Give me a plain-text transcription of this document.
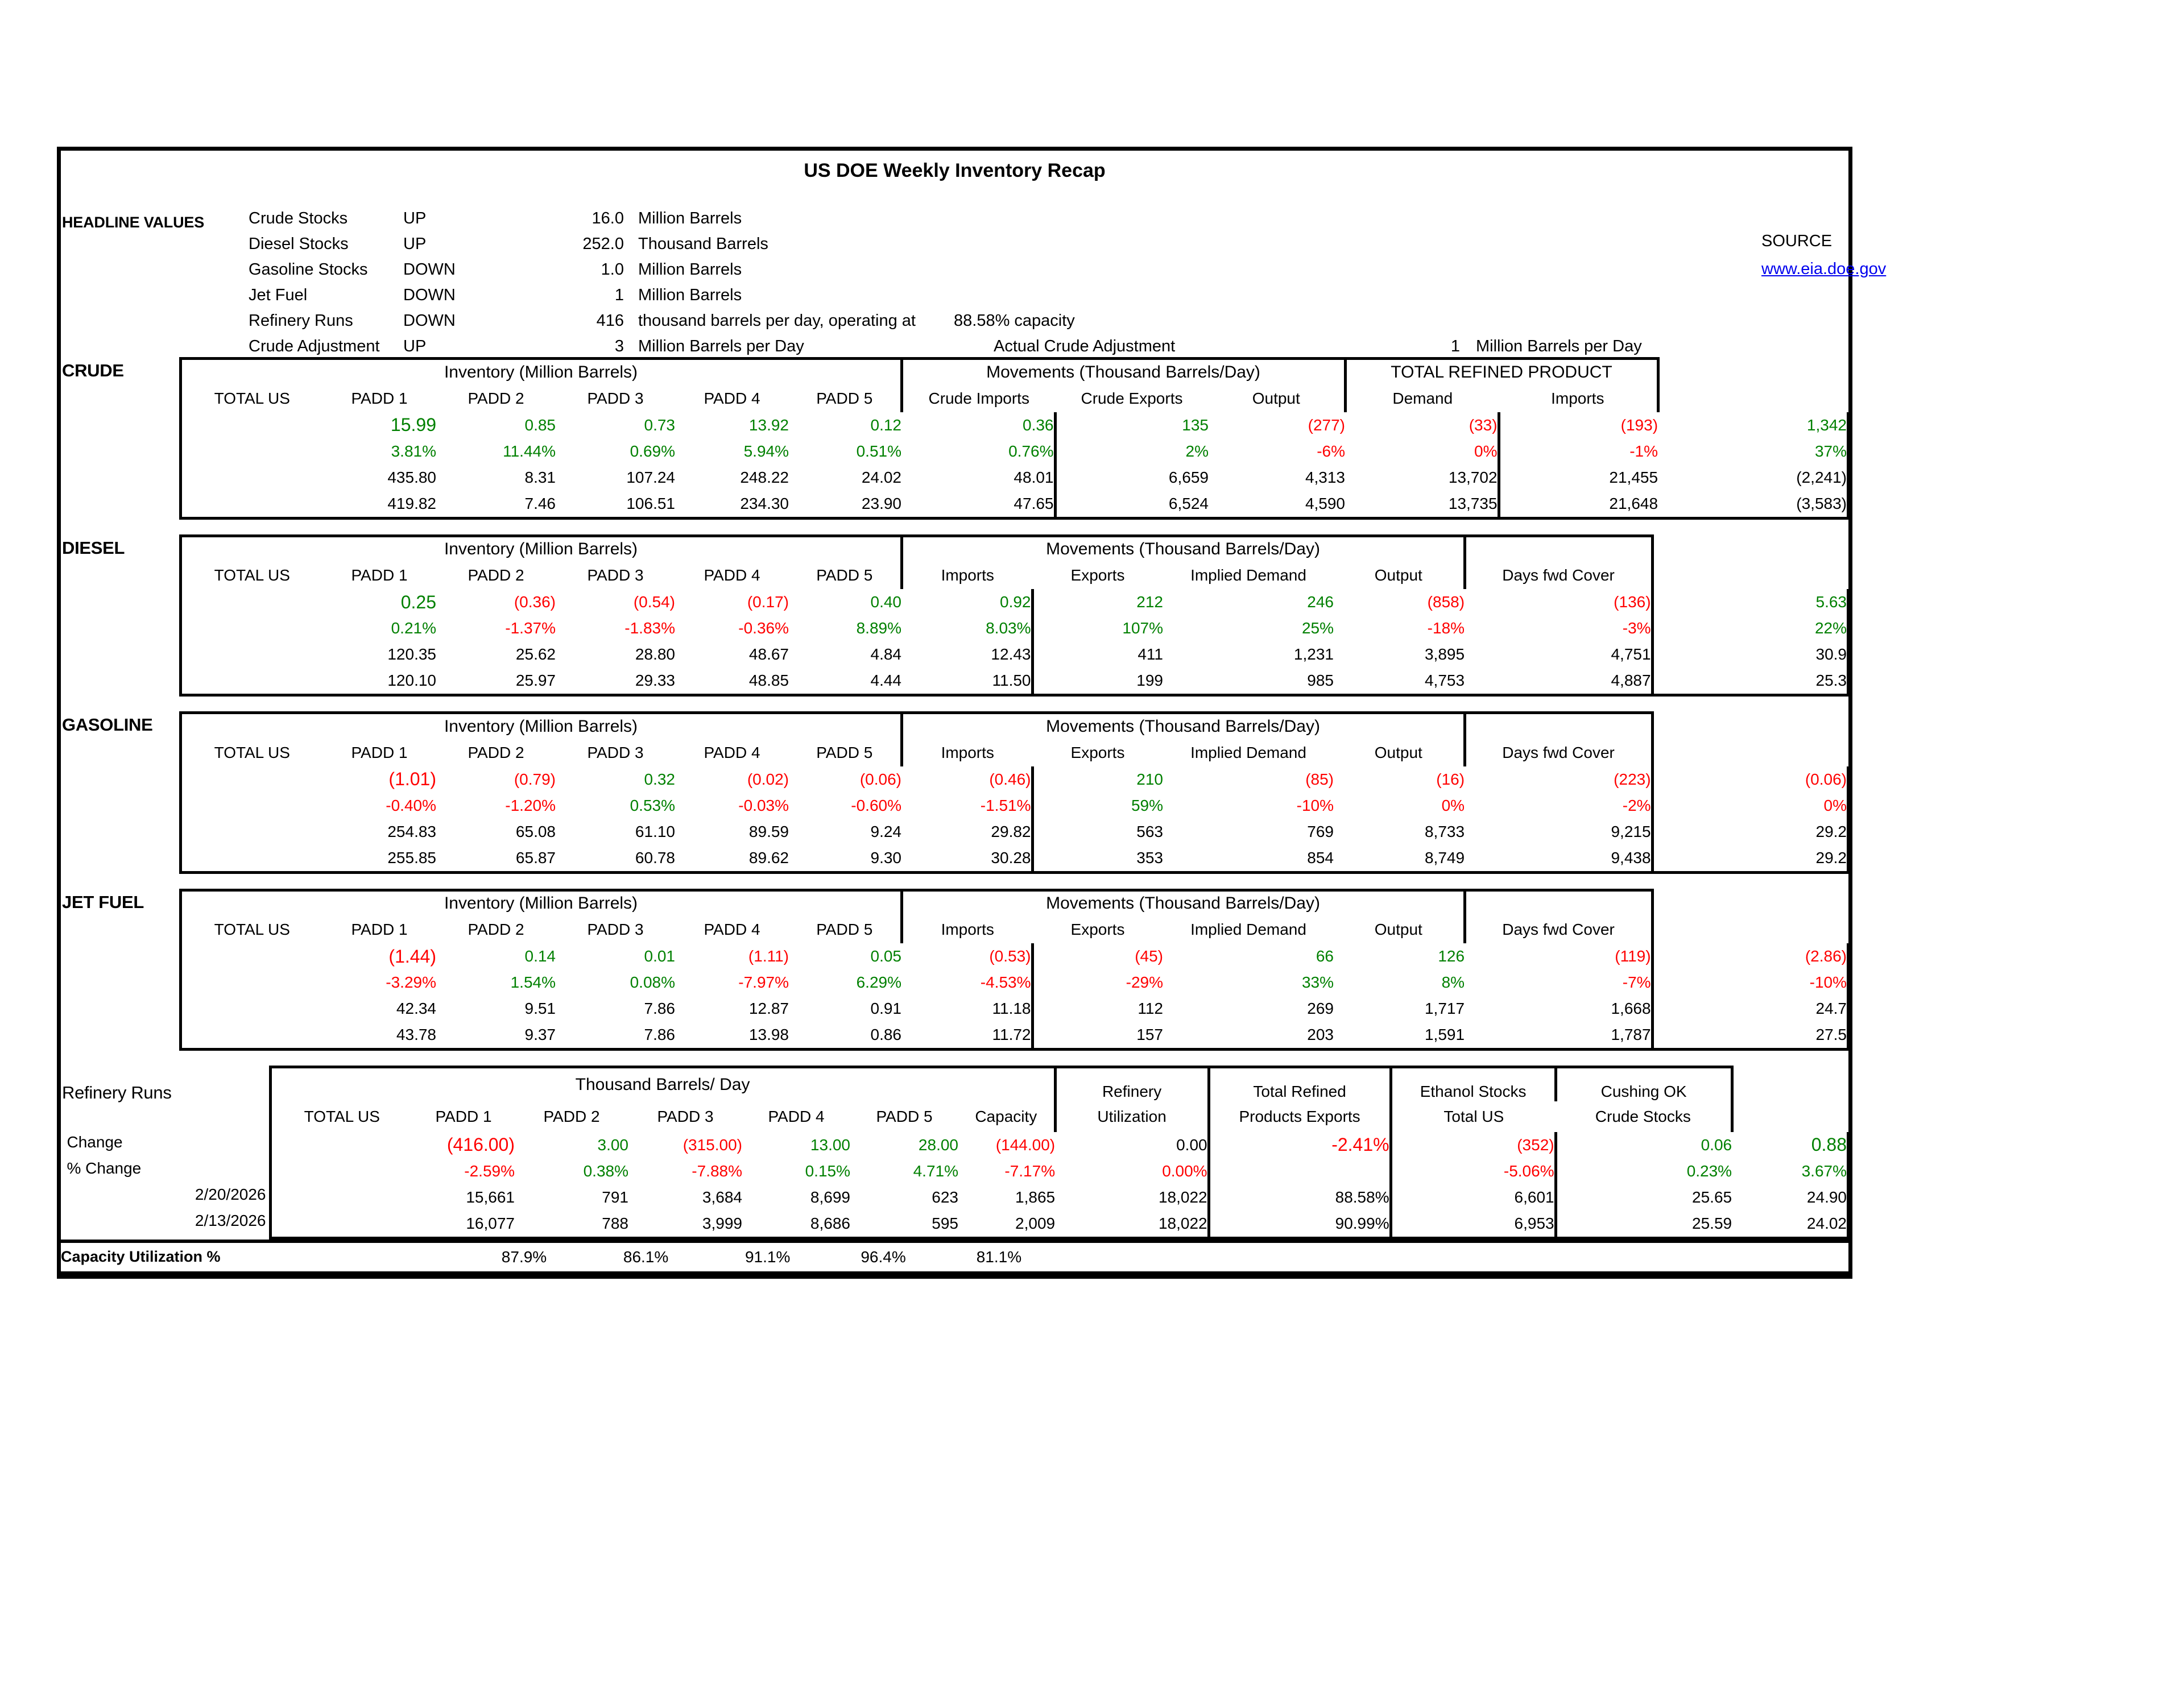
US DOE Weekly Inventory Recap
HEADLINE VALUES	Crude Stocks	UP	16.0 Million Barrels
Diesel Stocks	UP	252.0 Thousand Barrels
Gasoline Stocks DOWN	1.0 Million Barrels
Jet Fuel	DOWN	1 Million Barrels
Refinery Runs	DOWN	416 thousand barrels per day, operating at 88.58% capacity
Crude Adjustment UP	3 Million Barrels per Day	Actual Crude Adjustment	1 Million Barrels per Day
SOURCE
www.eia.doe.gov
CRUDE
			Inventory (Million Barrels)						Movements (Thousand Barrels/Day)			TOTAL REFINED PRODUCT		
		TOTAL US	PADD 1	PADD 2	PADD 3	PADD 4	PADD 5	Crude Imports	Crude Exports	Output	Demand	Imports	

	15.99	0.85	0.73	13.92	0.12	0.36	135	(277)	(33)	(193)	1,342

	3.81%	11.44%	0.69%	5.94%	0.51%	0.76%	2%	-6%	0%	-1%	37%

	435.80	8.31	107.24	248.22	24.02	48.01	6,659	4,313	13,702	21,455	(2,241)

	419.82	7.46	106.51	234.30	23.90	47.65	6,524	4,590	13,735	21,648	(3,583)
DIESEL
			Inventory (Million Barrels)						Movements (Thousand Barrels/Day)					
		TOTAL US	PADD 1	PADD 2	PADD 3	PADD 4	PADD 5	Imports	Exports	Implied Demand	Output	Days fwd Cover	

	0.25	(0.36)	(0.54)	(0.17)	0.40	0.92	212	246	(858)	(136)	5.63

	0.21%	-1.37%	-1.83%	-0.36%	8.89%	8.03%	107%	25%	-18%	-3%	22%

	120.35	25.62	28.80	48.67	4.84	12.43	411	1,231	3,895	4,751	30.9

	120.10	25.97	29.33	48.85	4.44	11.50	199	985	4,753	4,887	25.3
GASOLINE
			Inventory (Million Barrels)						Movements (Thousand Barrels/Day)					
		TOTAL US	PADD 1	PADD 2	PADD 3	PADD 4	PADD 5	Imports	Exports	Implied Demand	Output	Days fwd Cover	

	(1.01)	(0.79)	0.32	(0.02)	(0.06)	(0.46)	210	(85)	(16)	(223)	(0.06)

	-0.40%	-1.20%	0.53%	-0.03%	-0.60%	-1.51%	59%	-10%	0%	-2%	0%

	254.83	65.08	61.10	89.59	9.24	29.82	563	769	8,733	9,215	29.2

	255.85	65.87	60.78	89.62	9.30	30.28	353	854	8,749	9,438	29.2
JET FUEL
			Inventory (Million Barrels)						Movements (Thousand Barrels/Day)					
		TOTAL US	PADD 1	PADD 2	PADD 3	PADD 4	PADD 5	Imports	Exports	Implied Demand	Output	Days fwd Cover	

	(1.44)	0.14	0.01	(1.11)	0.05	(0.53)	(45)	66	126	(119)	(2.86)

	-3.29%	1.54%	0.08%	-7.97%	6.29%	-4.53%	-29%	33%	8%	-7%	-10%

	42.34	9.51	7.86	12.87	0.91	11.18	112	269	1,717	1,668	24.7

	43.78	9.37	7.86	13.98	0.86	11.72	157	203	1,591	1,787	27.5
Refinery Runs
			Thousand Barrels/ Day							Refinery	Total Refined	Ethanol Stocks	Cushing OK	
		TOTAL US	PADD 1	PADD 2	PADD 3	PADD 4	PADD 5	Capacity	Utilization	Products Exports	Total US	Crude Stocks	

		Change	(416.00)	3.00	(315.00)	13.00	28.00	(144.00)	0.00	-2.41%	(352)	0.06	0.88

		% Change	-2.59%	0.38%	-7.88%	0.15%	4.71%	-7.17%	0.00%		-5.06%	0.23%	3.67%

		2/20/2026	15,661	791	3,684	8,699	623	1,865	18,022	88.58%	6,601	25.65	24.90

		2/13/2026	16,077	788	3,999	8,686	595	2,009	18,022	90.99%	6,953	25.59	24.02
Capacity Utilization %		87.9%	86.1%	91.1%	96.4%	81.1%					
